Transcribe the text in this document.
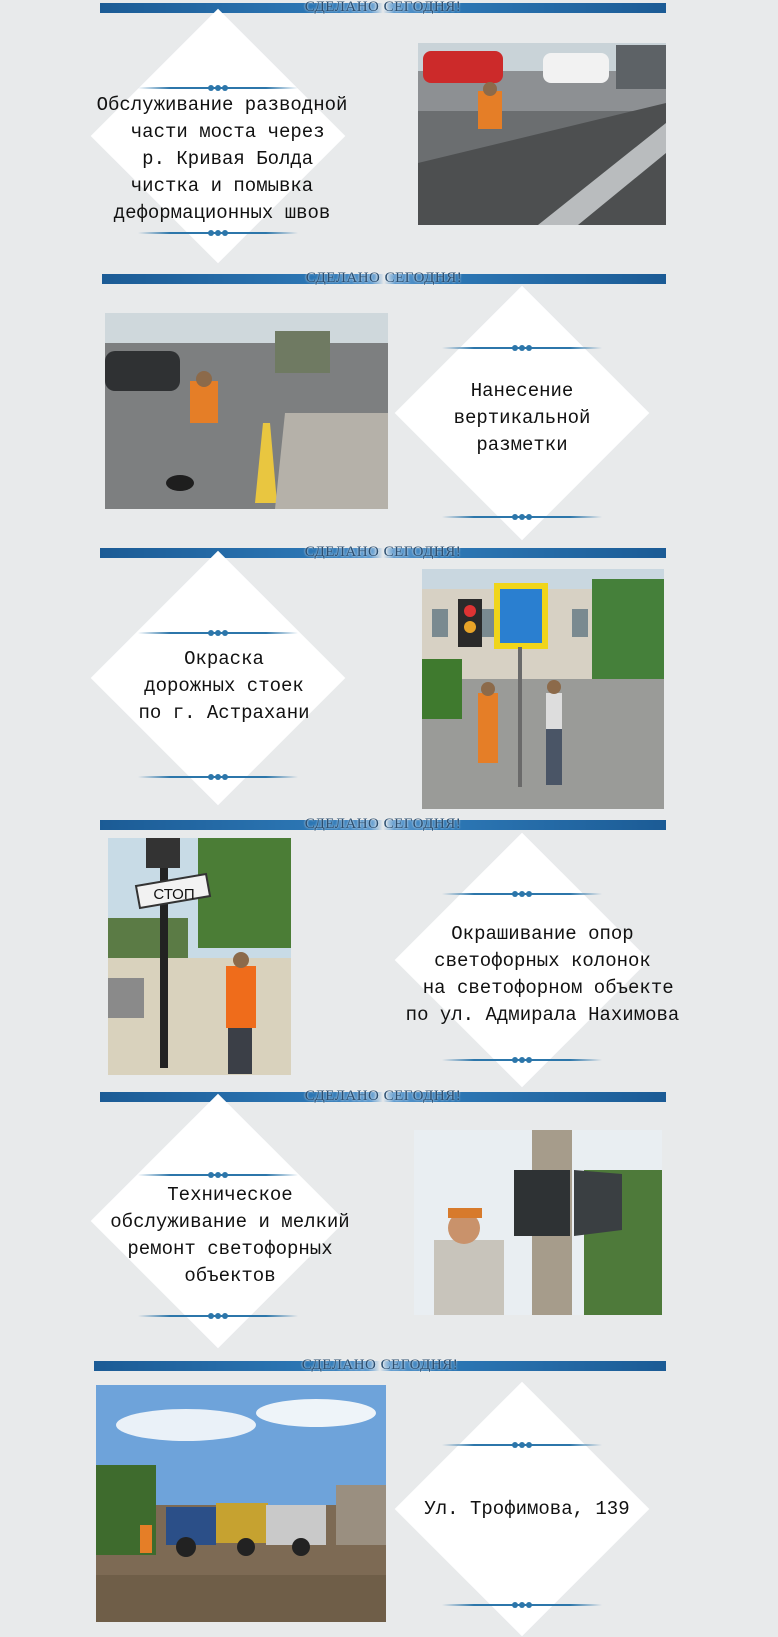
СДЕЛАНО СЕГОДНЯ!
Обслуживание разводной
части моста через
р. Кривая Болда
чистка и помывка
деформационных швов
СДЕЛАНО СЕГОДНЯ!
Нанесение
вертикальной
разметки
СДЕЛАНО СЕГОДНЯ!
Окраска
дорожных стоек
по г. Астрахани
СДЕЛАНО СЕГОДНЯ!
СТОП
Окрашивание опор
светофорных колонок
на светофорном объекте
по ул. Адмирала Нахимова
СДЕЛАНО СЕГОДНЯ!
Техническое
обслуживание и мелкий
ремонт светофорных
объектов
СДЕЛАНО СЕГОДНЯ!
Ул. Трофимова, 139
